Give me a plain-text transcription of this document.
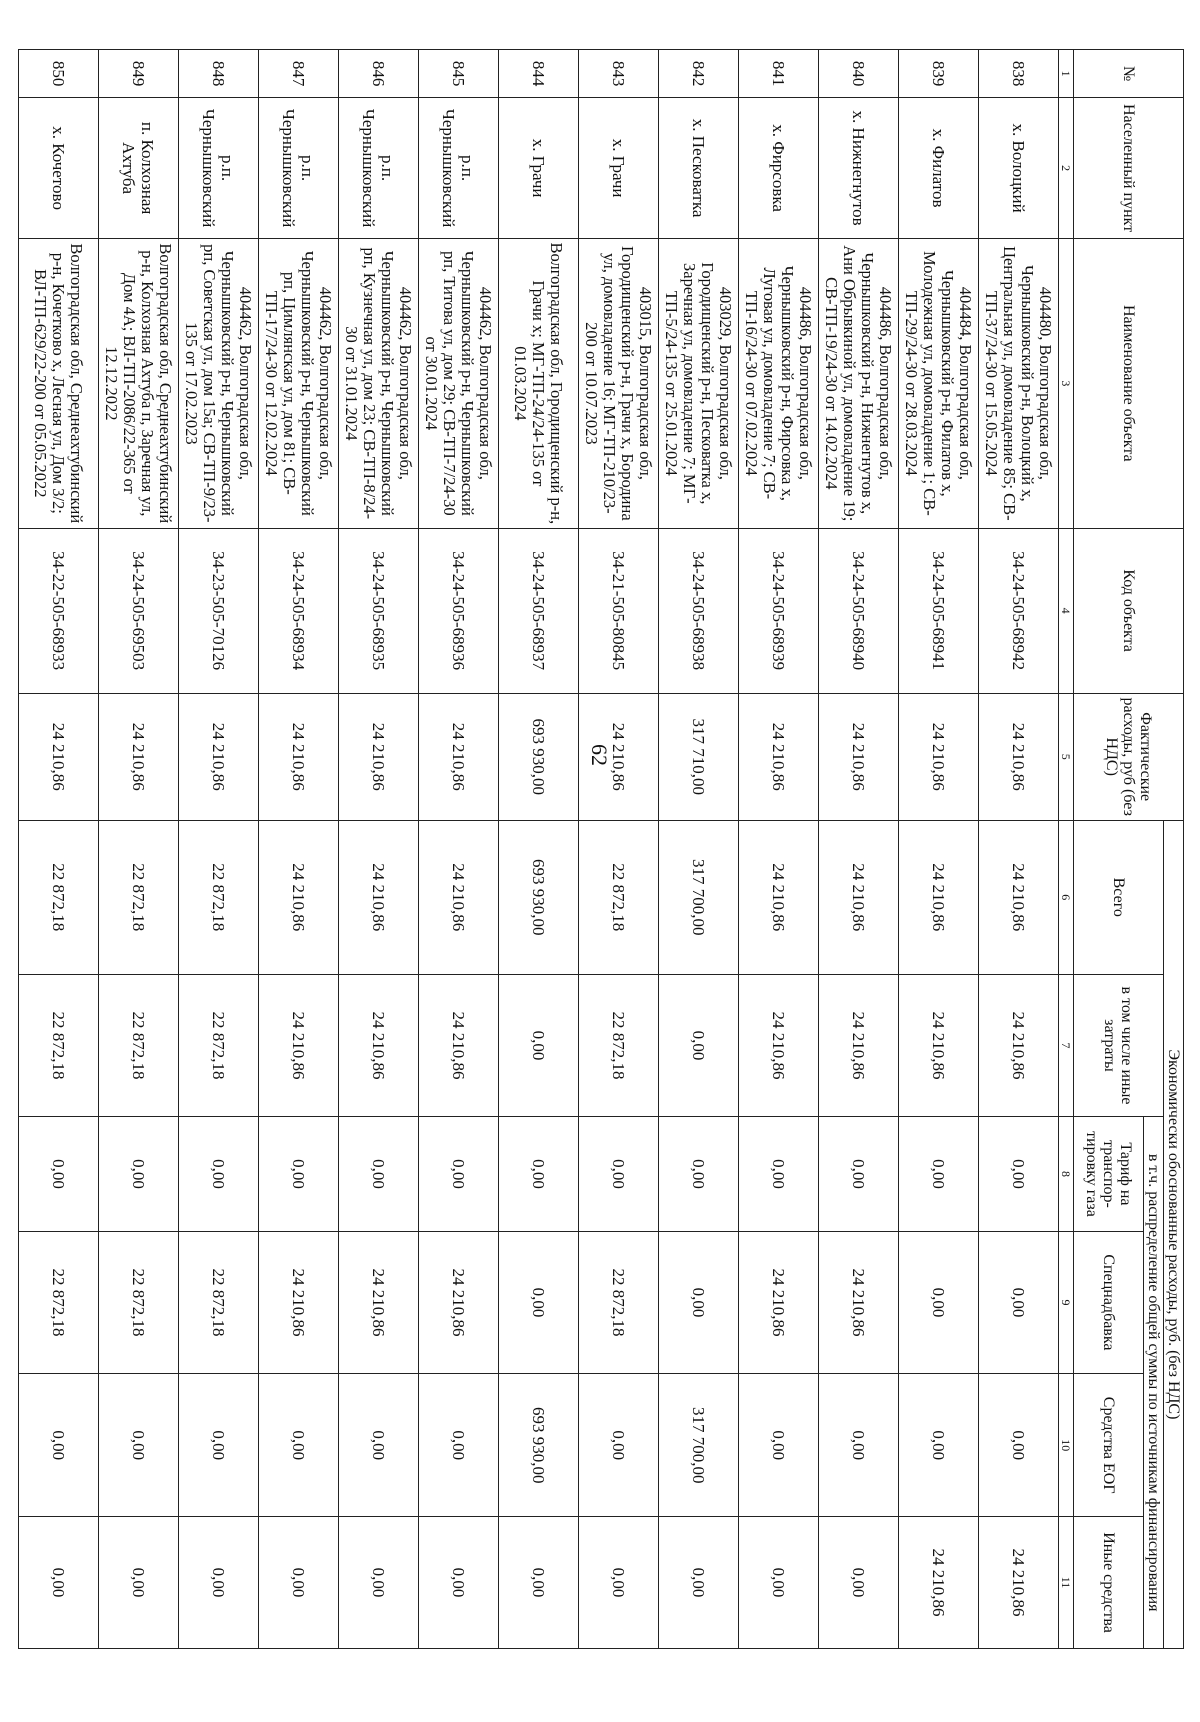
№	Населенный пункт	Наименование объекта	Код объекта	Фактические расходы, руб (без НДС)	Экономически обоснованные расходы, руб. (без НДС)					
					Всего	в том числе иные затраты	в т.ч. распределение общей суммы по источникам финансирования			
							Тариф на транспор-тировку газа	Спецнадбавка	Средства ЕОГ	Иные средства
1	2	3	4	5	6	7	8	9	10	11
838	х. Волоцкий	404480, Волгоградская обл, Чернышковский р-н, Волоцкий х, Центральная ул, домовладение 85; СВ-ТП-37/24-30 от 15.05.2024	34-24-505-68942	24 210,86	24 210,86	24 210,86	0,00	0,00	0,00	24 210,86
839	х. Филатов	404484, Волгоградская обл, Чернышковский р-н, Филатов х, Молодежная ул, домовладение 1; СВ-ТП-29/24-30 от 28.03.2024	34-24-505-68941	24 210,86	24 210,86	24 210,86	0,00	0,00	0,00	24 210,86
840	х. Нижнегнутов	404486, Волгоградская обл, Чернышковский р-н, Нижнегнутов х, Ани Обрывкиной ул, домовладение 19; СВ-ТП-19/24-30 от 14.02.2024	34-24-505-68940	24 210,86	24 210,86	24 210,86	0,00	24 210,86	0,00	0,00
841	х. Фирсовка	404486, Волгоградская обл, Чернышковский р-н, Фирсовка х, Луговая ул, домовладение 7; СВ-ТП-16/24-30 от 07.02.2024	34-24-505-68939	24 210,86	24 210,86	24 210,86	0,00	24 210,86	0,00	0,00
842	х. Песковатка	403029, Волгоградская обл, Городищенский р-н, Песковатка х, Заречная ул, домовладение 7; МГ-ТП-5/24-135 от 25.01.2024	34-24-505-68938	317 710,00	317 700,00	0,00	0,00	0,00	317 700,00	0,00
843	х. Грачи	403015, Волгоградская обл, Городищенский р-н, Грачи х, Бородина ул, домовладение 16; МГ-ТП-210/23-200 от 10.07.2023	34-21-505-80845	24 210,86	22 872,18	22 872,18	0,00	22 872,18	0,00	0,00
844	х. Грачи	Волгоградская обл, Городищенский р-н, Грачи х; МГ-ТП-24/24-135 от 01.03.2024	34-24-505-68937	693 930,00	693 930,00	0,00	0,00	0,00	693 930,00	0,00
845	р.п. Чернышковский	404462, Волгоградская обл, Чернышковский р-н, Чернышковский рп, Титова ул, дом 29; СВ-ТП-7/24-30 от 30.01.2024	34-24-505-68936	24 210,86	24 210,86	24 210,86	0,00	24 210,86	0,00	0,00
846	р.п. Чернышковский	404462, Волгоградская обл, Чернышковский р-н, Чернышковский рп, Кузнечная ул, дом 23; СВ-ТП-8/24-30 от 31.01.2024	34-24-505-68935	24 210,86	24 210,86	24 210,86	0,00	24 210,86	0,00	0,00
847	р.п. Чернышковский	404462, Волгоградская обл, Чернышковский р-н, Чернышковский рп, Цимлянская ул, дом 81; СВ-ТП-17/24-30 от 12.02.2024	34-24-505-68934	24 210,86	24 210,86	24 210,86	0,00	24 210,86	0,00	0,00
848	р.п. Чернышковский	404462, Волгоградская обл, Чернышковский р-н, Чернышковский рп, Советская ул, дом 15а; СВ-ТП-9/23-135 от 17.02.2023	34-23-505-70126	24 210,86	22 872,18	22 872,18	0,00	22 872,18	0,00	0,00
849	п. Колхозная Ахтуба	Волгоградская обл, Среднеахтубинский р-н, Колхозная Ахтуба п, Заречная ул, Дом 4А; ВЛ-ТП-2086/22-365 от 12.12.2022	34-24-505-69503	24 210,86	22 872,18	22 872,18	0,00	22 872,18	0,00	0,00
850	х. Кочетово	Волгоградская обл, Среднеахтубинский р-н, Кочетково х, Лесная ул, Дом 3/2; ВЛ-ТП-629/22-200 от 05.05.2022	34-22-505-68933	24 210,86	22 872,18	22 872,18	0,00	22 872,18	0,00	0,00
62
